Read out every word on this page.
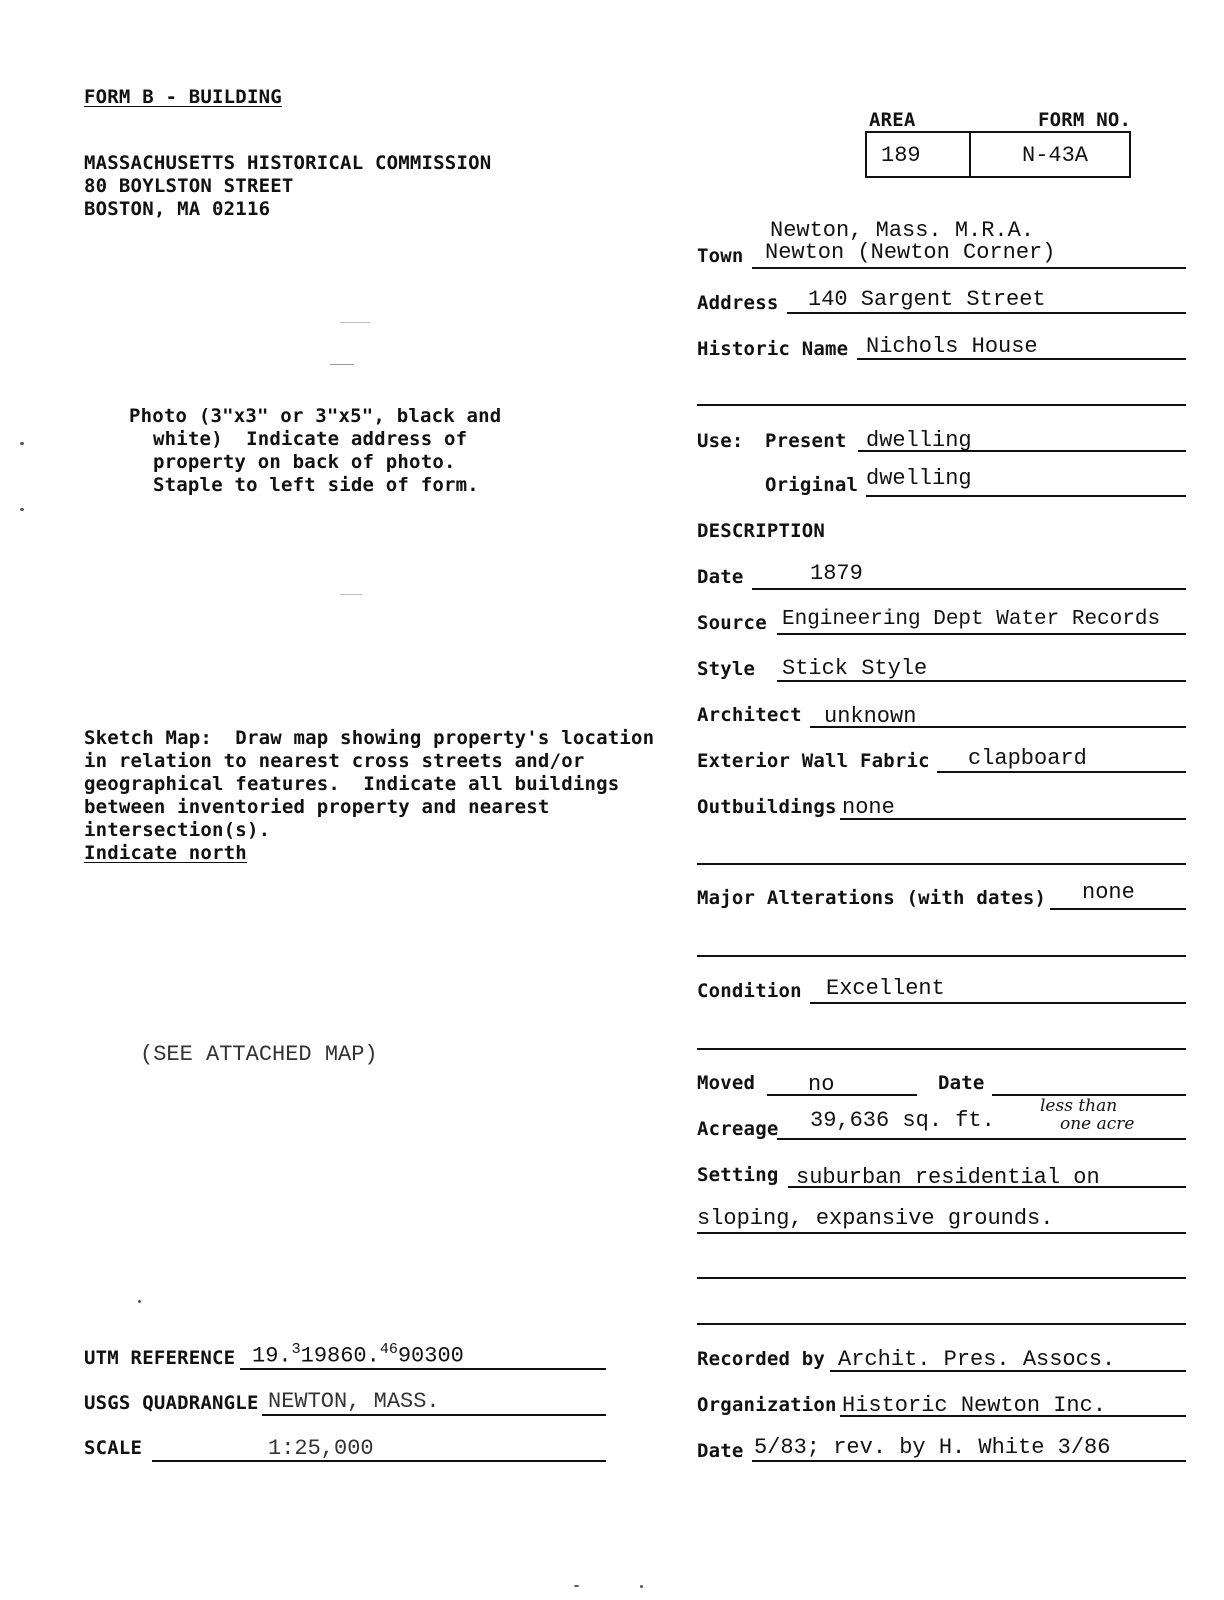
FORM B - BUILDING
MASSACHUSETTS HISTORICAL COMMISSION
80 BOYLSTON STREET
BOSTON, MA 02116
AREA	FORM NO.
189	N-43A
Photo (3"x3" or 3"x5", black and
white)  Indicate address of
property on back of photo.
Staple to left side of form.
Sketch Map:  Draw map showing property's location
in relation to nearest cross streets and/or
geographical features.  Indicate all buildings
between inventoried property and nearest
intersection(s).
Indicate north
(SEE ATTACHED MAP)
UTM REFERENCE 19.$^3$19860.4690300
USGS QUADRANGLE NEWTON, MASS.
SCALE	1:25,000
Newton, Mass. M.R.A.
Town Newton (Newton Corner)
Address 140 Sargent Street
Historic Name Nichols House
Use: Present dwelling
Original dwelling
DESCRIPTION
Date	1879
Source Engineering Dept Water Records
Style Stick Style
Architect unknown
Exterior Wall Fabric clapboard
Outbuildings none
Major Alterations (with dates) none
Condition Excellent
Moved no	Date
Acreage 39,636 sq. ft.
less than
one acre
Setting suburban residential on
sloping, expansive grounds.
Recorded by Archit. Pres. Assocs.
Organization Historic Newton Inc.
Date 5/83; rev. by H. White 3/86
